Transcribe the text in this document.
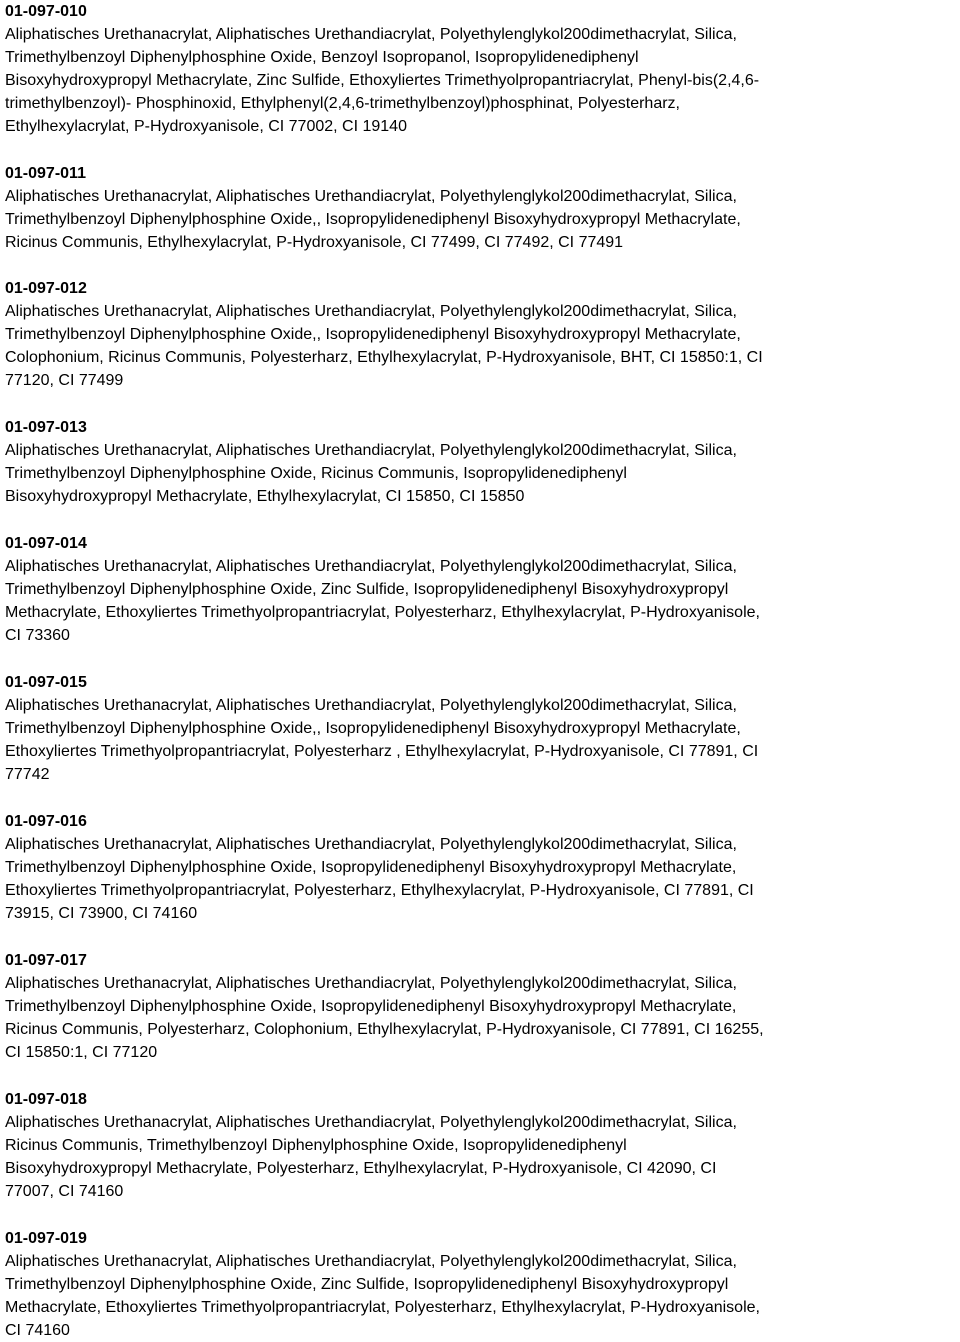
01-097-010
Aliphatisches Urethanacrylat, Aliphatisches Urethandiacrylat, Polyethylenglykol200dimethacrylat, Silica,
Trimethylbenzoyl Diphenylphosphine Oxide, Benzoyl Isopropanol, Isopropylidenediphenyl
Bisoxyhydroxypropyl Methacrylate, Zinc Sulfide, Ethoxyliertes Trimethyolpropantriacrylat, Phenyl-bis(2,4,6-
trimethylbenzoyl)- Phosphinoxid, Ethylphenyl(2,4,6-trimethylbenzoyl)phosphinat, Polyesterharz,
Ethylhexylacrylat, P-Hydroxyanisole, CI 77002, CI 19140
01-097-011
Aliphatisches Urethanacrylat, Aliphatisches Urethandiacrylat, Polyethylenglykol200dimethacrylat, Silica,
Trimethylbenzoyl Diphenylphosphine Oxide,, Isopropylidenediphenyl Bisoxyhydroxypropyl Methacrylate,
Ricinus Communis, Ethylhexylacrylat, P-Hydroxyanisole, CI 77499, CI 77492, CI 77491
01-097-012
Aliphatisches Urethanacrylat, Aliphatisches Urethandiacrylat, Polyethylenglykol200dimethacrylat, Silica,
Trimethylbenzoyl Diphenylphosphine Oxide,, Isopropylidenediphenyl Bisoxyhydroxypropyl Methacrylate,
Colophonium, Ricinus Communis, Polyesterharz, Ethylhexylacrylat, P-Hydroxyanisole, BHT, CI 15850:1, CI
77120, CI 77499
01-097-013
Aliphatisches Urethanacrylat, Aliphatisches Urethandiacrylat, Polyethylenglykol200dimethacrylat, Silica,
Trimethylbenzoyl Diphenylphosphine Oxide, Ricinus Communis, Isopropylidenediphenyl
Bisoxyhydroxypropyl Methacrylate, Ethylhexylacrylat, CI 15850, CI 15850
01-097-014
Aliphatisches Urethanacrylat, Aliphatisches Urethandiacrylat, Polyethylenglykol200dimethacrylat, Silica,
Trimethylbenzoyl Diphenylphosphine Oxide, Zinc Sulfide, Isopropylidenediphenyl Bisoxyhydroxypropyl
Methacrylate, Ethoxyliertes Trimethyolpropantriacrylat, Polyesterharz, Ethylhexylacrylat, P-Hydroxyanisole,
CI 73360
01-097-015
Aliphatisches Urethanacrylat, Aliphatisches Urethandiacrylat, Polyethylenglykol200dimethacrylat, Silica,
Trimethylbenzoyl Diphenylphosphine Oxide,, Isopropylidenediphenyl Bisoxyhydroxypropyl Methacrylate,
Ethoxyliertes Trimethyolpropantriacrylat, Polyesterharz , Ethylhexylacrylat, P-Hydroxyanisole, CI 77891, CI
77742
01-097-016
Aliphatisches Urethanacrylat, Aliphatisches Urethandiacrylat, Polyethylenglykol200dimethacrylat, Silica,
Trimethylbenzoyl Diphenylphosphine Oxide, Isopropylidenediphenyl Bisoxyhydroxypropyl Methacrylate,
Ethoxyliertes Trimethyolpropantriacrylat, Polyesterharz, Ethylhexylacrylat, P-Hydroxyanisole, CI 77891, CI
73915, CI 73900, CI 74160
01-097-017
Aliphatisches Urethanacrylat, Aliphatisches Urethandiacrylat, Polyethylenglykol200dimethacrylat, Silica,
Trimethylbenzoyl Diphenylphosphine Oxide, Isopropylidenediphenyl Bisoxyhydroxypropyl Methacrylate,
Ricinus Communis, Polyesterharz, Colophonium, Ethylhexylacrylat, P-Hydroxyanisole, CI 77891, CI 16255,
CI 15850:1, CI 77120
01-097-018
Aliphatisches Urethanacrylat, Aliphatisches Urethandiacrylat, Polyethylenglykol200dimethacrylat, Silica,
Ricinus Communis, Trimethylbenzoyl Diphenylphosphine Oxide, Isopropylidenediphenyl
Bisoxyhydroxypropyl Methacrylate, Polyesterharz, Ethylhexylacrylat, P-Hydroxyanisole, CI 42090, CI
77007, CI 74160
01-097-019
Aliphatisches Urethanacrylat, Aliphatisches Urethandiacrylat, Polyethylenglykol200dimethacrylat, Silica,
Trimethylbenzoyl Diphenylphosphine Oxide, Zinc Sulfide, Isopropylidenediphenyl Bisoxyhydroxypropyl
Methacrylate, Ethoxyliertes Trimethyolpropantriacrylat, Polyesterharz, Ethylhexylacrylat, P-Hydroxyanisole,
CI 74160
